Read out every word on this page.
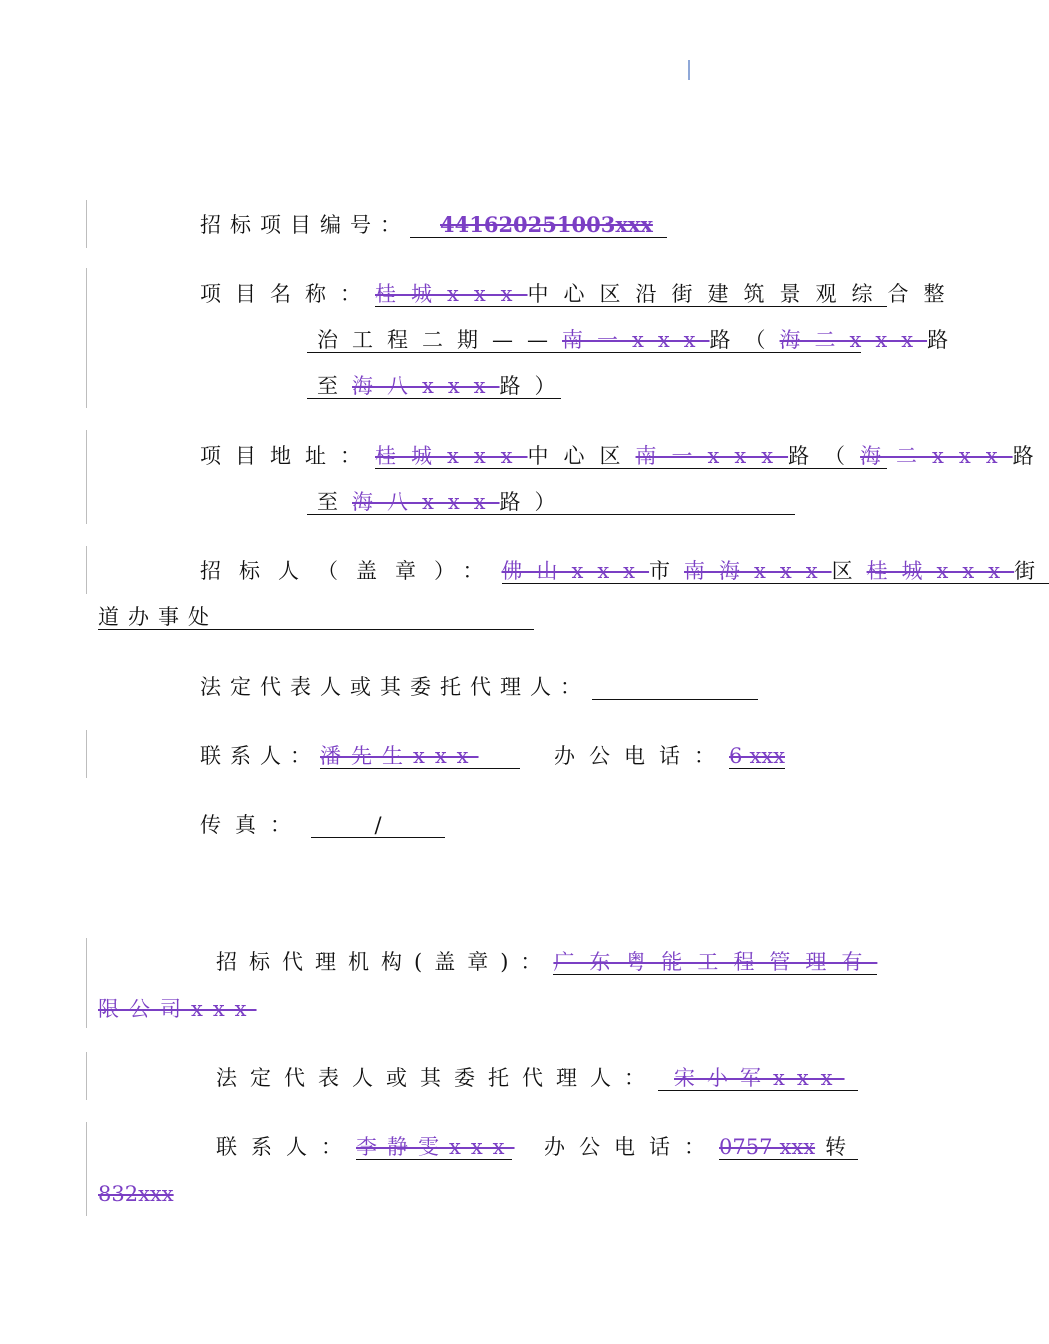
招标项目编号： 441620251003xxx
项目名称：桂城xxx中心区沿街建筑景观综合整
治工程二期——南一xxx路（海二xxx路
至海八xxx路）
项目地址：桂城xxx中心区南一xxx路（海二xxx路
至海八xxx路）
招标人（盖章）：佛山xxx市南海xxx区桂城xxx街
道办事处
法定代表人或其委托代理人：
联系人：潘先生xxx	办公电话：6-xxx
传真：	/
招标代理机构(盖章)：广东粤能工程管理有
限公司xxx
法定代表人或其委托代理人： 宋小军xxx
联系人：李静雯xxx 办公电话：0757-xxx 转
832xxx
